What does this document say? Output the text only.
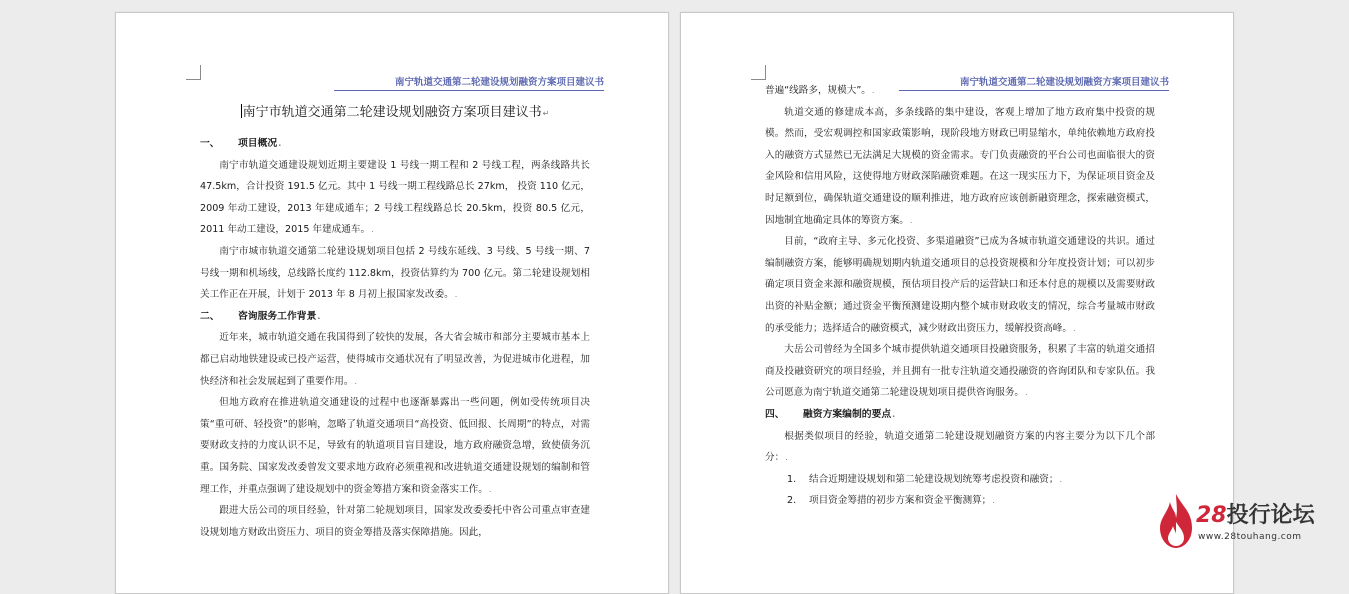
南宁轨道交通第二轮建设规划融资方案项目建议书
南宁市轨道交通第二轮建设规划融资方案项目建议书↵
一、 项目概况.

南宁市轨道交通建设规划近期主要建设 1 号线一期工程和 2 号线工程，两条线路共长 47.5km，合计投资 191.5 亿元。其中 1 号线一期工程线路总长 27km， 投资 110 亿元，2009 年动工建设，2013 年建成通车；2 号线工程线路总长 20.5km，投资 80.5 亿元，2011 年动工建设，2015 年建成通车。.

南宁市城市轨道交通第二轮建设规划项目包括 2 号线东延线、3 号线、5 号线一期、7 号线一期和机场线，总线路长度约 112.8km，投资估算约为 700 亿元。第二轮建设规划相关工作正在开展，计划于 2013 年 8 月初上报国家发改委。.

二、 咨询服务工作背景.

近年来，城市轨道交通在我国得到了较快的发展，各大省会城市和部分主要城市基本上都已启动地铁建设或已投产运营，使得城市交通状况有了明显改善，为促进城市化进程，加快经济和社会发展起到了重要作用。.

但地方政府在推进轨道交通建设的过程中也逐渐暴露出一些问题，例如受传统项目决策“重可研、轻投资”的影响，忽略了轨道交通项目“高投资、低回报、长周期”的特点，对需要财政支持的力度认识不足，导致有的轨道项目盲目建设，地方政府融资急增，致使债务沉重。国务院、国家发改委曾发文要求地方政府必须重视和改进轨道交通建设规划的编制和管理工作，并重点强调了建设规划中的资金筹措方案和资金落实工作。.

跟进大岳公司的项目经验，针对第二轮规划项目，国家发改委委托中咨公司重点审查建设规划地方财政出资压力、项目的资金筹措及落实保障措施。因此，

南宁轨道交通第二轮建设规划融资方案项目建议书

普遍“线路多，规模大”。.

轨道交通的修建成本高，多条线路的集中建设，客观上增加了地方政府集中投资的规模。然而，受宏观调控和国家政策影响，现阶段地方财政已明显缩水，单纯依赖地方政府投入的融资方式显然已无法满足大规模的资金需求。专门负责融资的平台公司也面临很大的资金风险和信用风险，这使得地方财政深陷融资难题。在这一现实压力下，为保证项目资金及时足额到位，确保轨道交通建设的顺利推进，地方政府应该创新融资理念，探索融资模式，因地制宜地确定具体的筹资方案。.

目前，“政府主导、多元化投资、多渠道融资”已成为各城市轨道交通建设的共识。通过编制融资方案，能够明确规划期内轨道交通项目的总投资规模和分年度投资计划；可以初步确定项目资金来源和融资规模，预估项目投产后的运营缺口和还本付息的规模以及需要财政出资的补贴金额；通过资金平衡预测建设期内整个城市财政收支的情况，综合考量城市财政的承受能力；选择适合的融资模式，减少财政出资压力，缓解投资高峰。.

大岳公司曾经为全国多个城市提供轨道交通项目投融资服务，积累了丰富的轨道交通招商及投融资研究的项目经验，并且拥有一批专注轨道交通投融资的咨询团队和专家队伍。我公司愿意为南宁轨道交通第二轮建设规划项目提供咨询服务。.

四、 融资方案编制的要点.

根据类似项目的经验，轨道交通第二轮建设规划融资方案的内容主要分为以下几个部分：.

1. 结合近期建设规划和第二轮建设规划统筹考虑投资和融资；.
2. 项目资金筹措的初步方案和资金平衡测算；.
28投行论坛
www.28touhang.com
